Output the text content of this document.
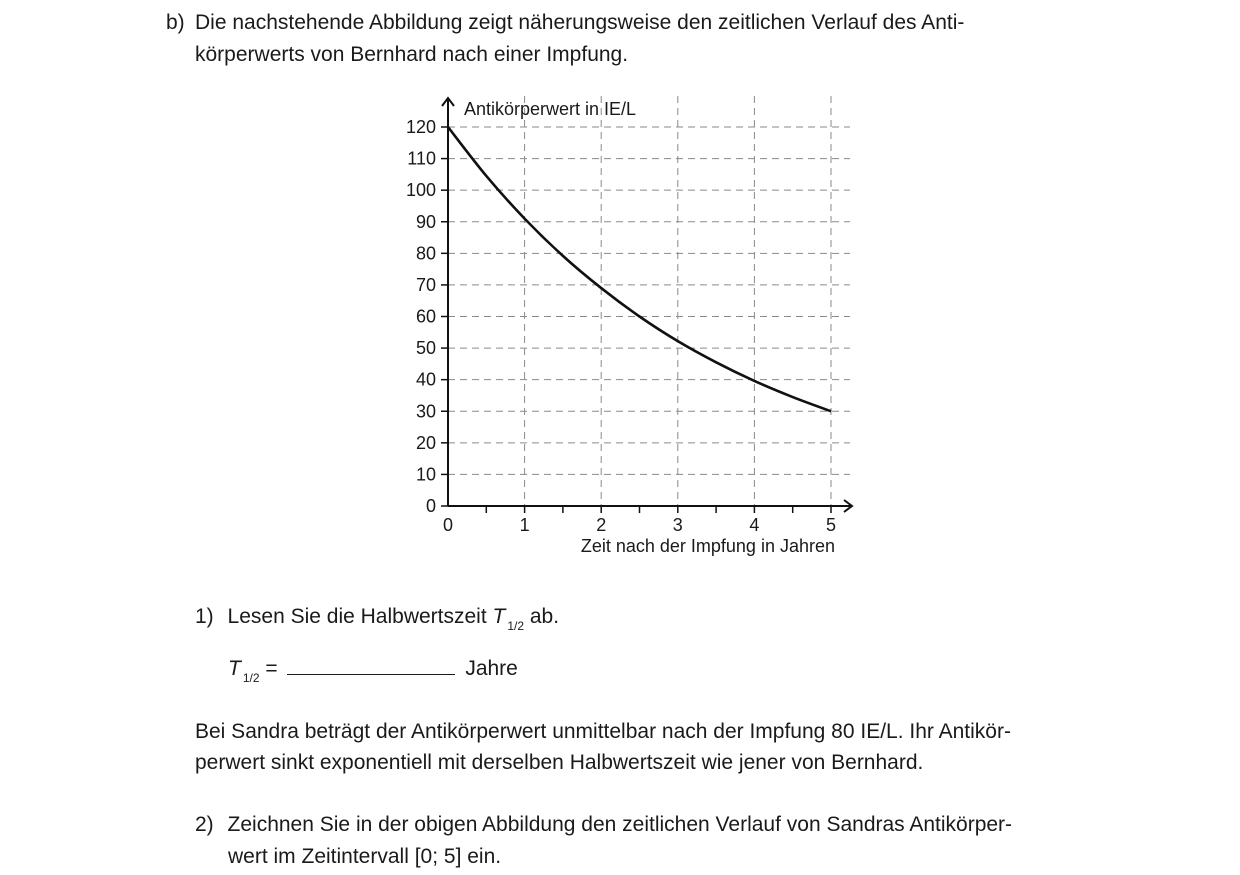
b) Die nachstehende Abbildung zeigt näherungsweise den zeitlichen Verlauf des Anti-
körperwerts von Bernhard nach einer Impfung.
0	1	2	3	4	5
0
10
20
30
40
50
60
70
80
90
100
110
120
Antikörperwert in IE/L
Zeit nach der Impfung in Jahren
1) Lesen Sie die Halbwertszeit T $_{1/2}$ ab.
T $_{1/2}$ =	Jahre
Bei Sandra beträgt der Antikörperwert unmittelbar nach der Impfung 80 IE/L. Ihr Antikör-
perwert sinkt exponentiell mit derselben Halbwertszeit wie jener von Bernhard.
2) Zeichnen Sie in der obigen Abbildung den zeitlichen Verlauf von Sandras Antikörper-
wert im Zeitintervall [0; 5] ein.
